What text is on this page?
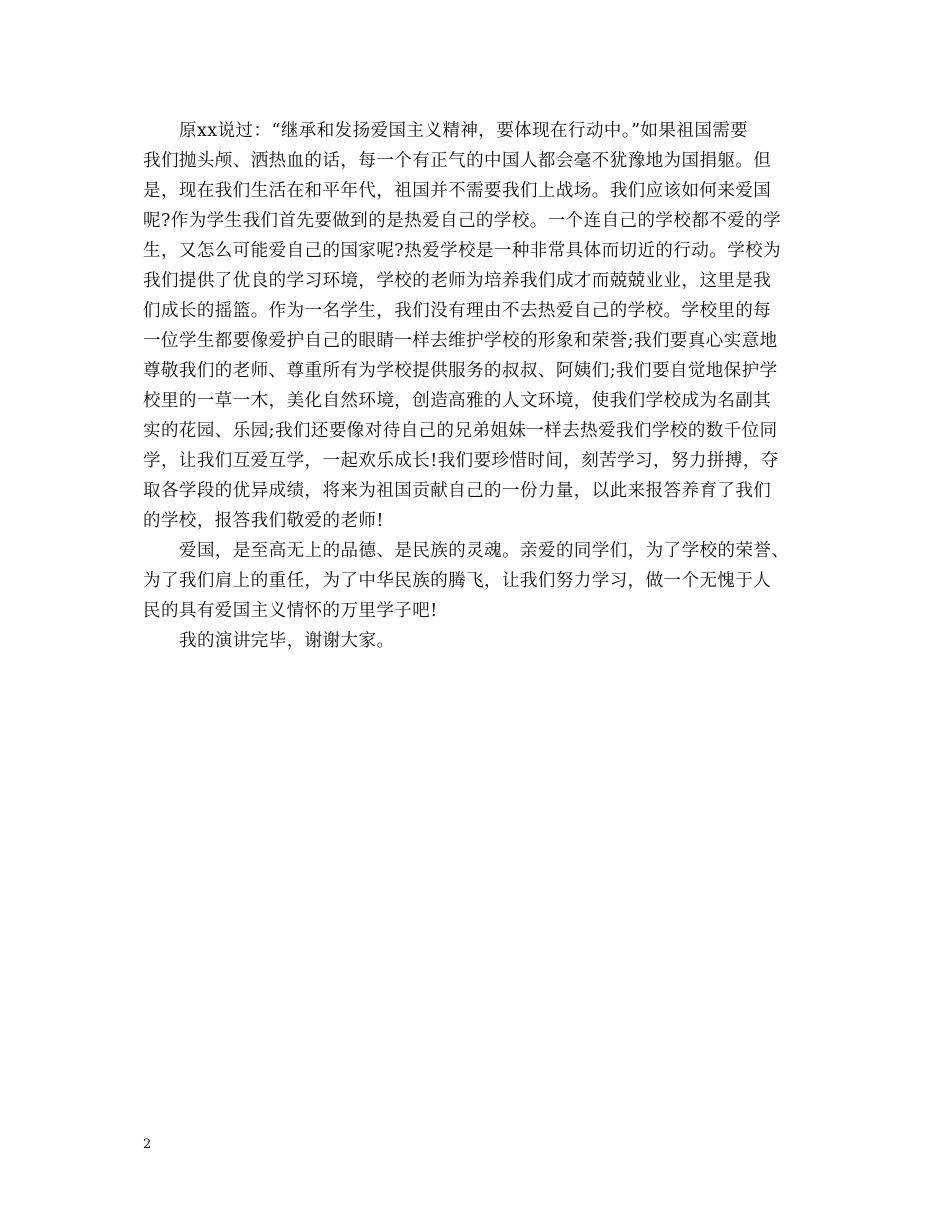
原xx说过：“继承和发扬爱国主义精神，要体现在行动中。”如果祖国需要
我们抛头颅、洒热血的话，每一个有正气的中国人都会毫不犹豫地为国捐躯。但
是，现在我们生活在和平年代，祖国并不需要我们上战场。我们应该如何来爱国
呢?作为学生我们首先要做到的是热爱自己的学校。一个连自己的学校都不爱的学
生，又怎么可能爱自己的国家呢?热爱学校是一种非常具体而切近的行动。学校为
我们提供了优良的学习环境，学校的老师为培养我们成才而兢兢业业，这里是我
们成长的摇篮。作为一名学生，我们没有理由不去热爱自己的学校。学校里的每
一位学生都要像爱护自己的眼睛一样去维护学校的形象和荣誉;我们要真心实意地
尊敬我们的老师、尊重所有为学校提供服务的叔叔、阿姨们;我们要自觉地保护学
校里的一草一木，美化自然环境，创造高雅的人文环境，使我们学校成为名副其
实的花园、乐园;我们还要像对待自己的兄弟姐妹一样去热爱我们学校的数千位同
学，让我们互爱互学，一起欢乐成长!我们要珍惜时间，刻苦学习，努力拼搏，夺
取各学段的优异成绩，将来为祖国贡献自己的一份力量，以此来报答养育了我们
的学校，报答我们敬爱的老师!
爱国，是至高无上的品德、是民族的灵魂。亲爱的同学们，为了学校的荣誉、
为了我们肩上的重任，为了中华民族的腾飞，让我们努力学习，做一个无愧于人
民的具有爱国主义情怀的万里学子吧!
我的演讲完毕，谢谢大家。
2
